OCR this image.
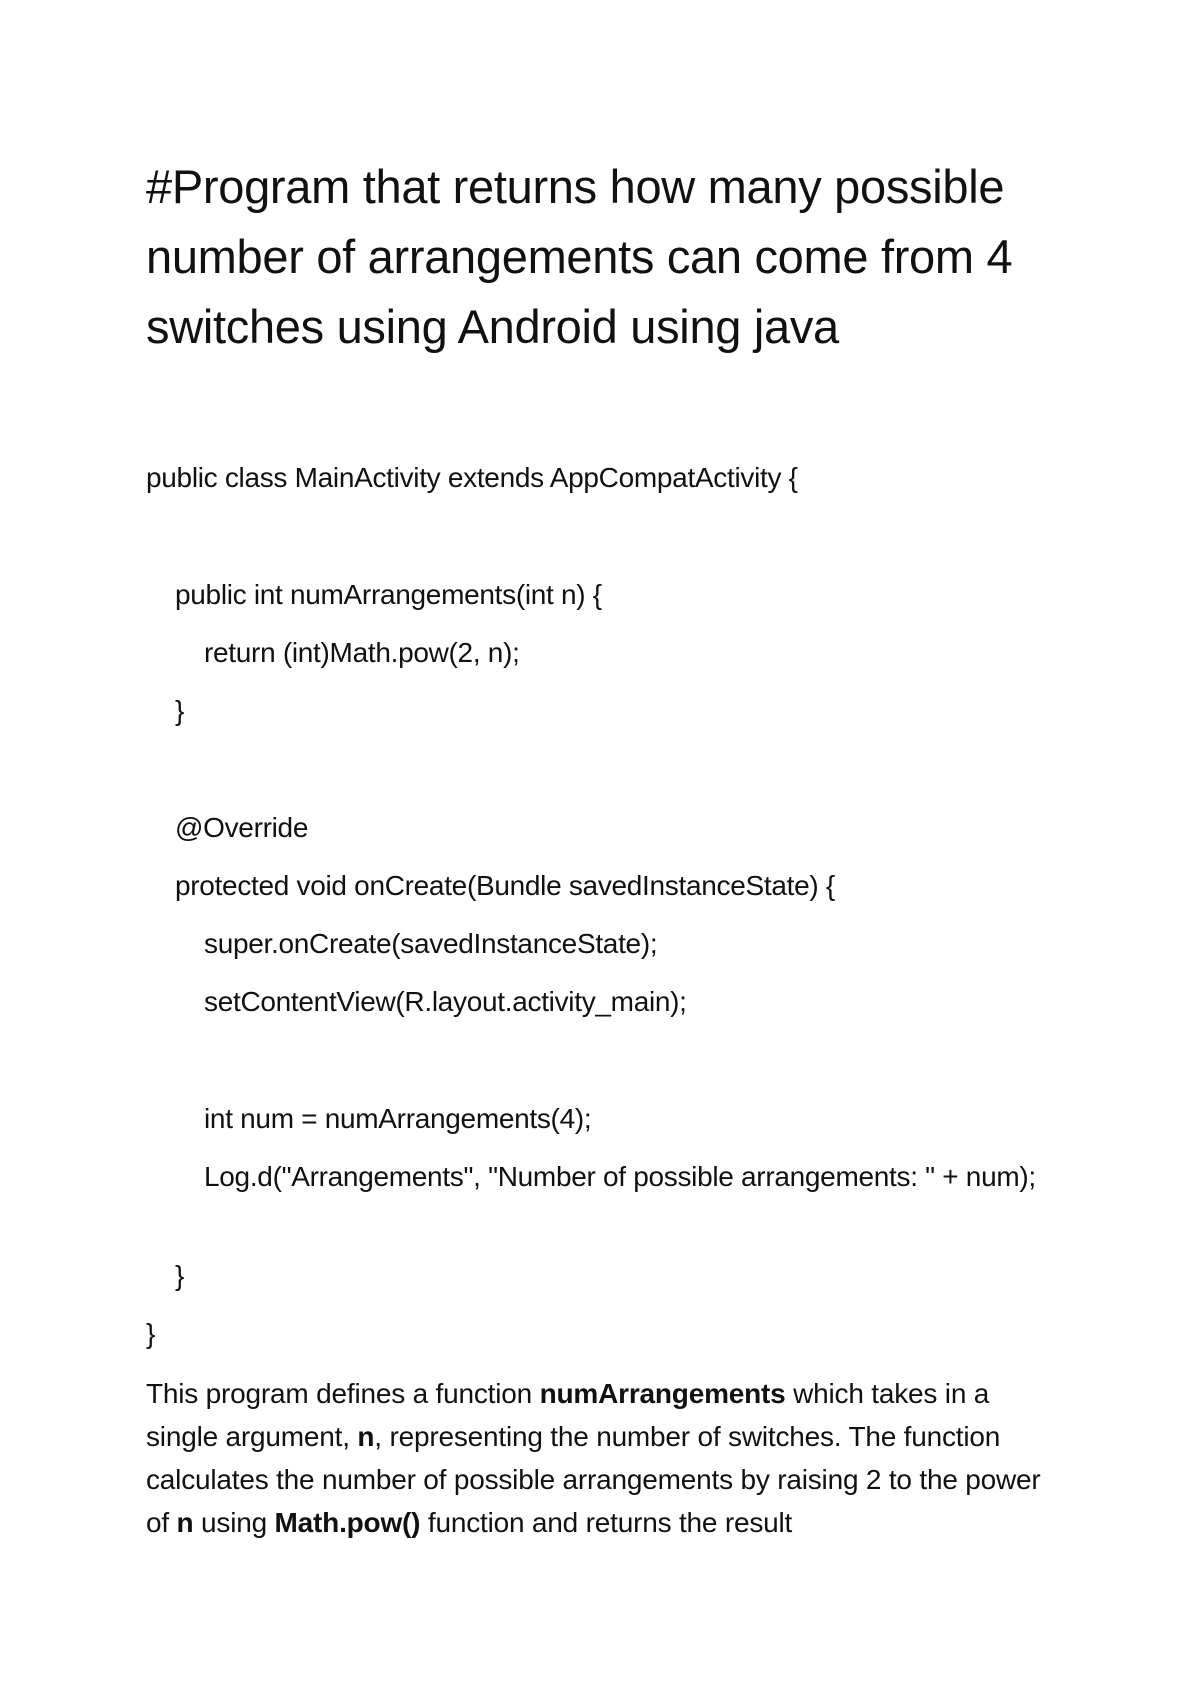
#Program that returns how many possible number of arrangements can come from 4 switches using Android using java

public class MainActivity extends AppCompatActivity {

public int numArrangements(int n) {

return (int)Math.pow(2, n);

}

@Override

protected void onCreate(Bundle savedInstanceState) {

super.onCreate(savedInstanceState);

setContentView(R.layout.activity_main);

int num = numArrangements(4);

Log.d("Arrangements", "Number of possible arrangements: " + num);

}

}

This program defines a function numArrangements which takes in a single argument, n, representing the number of switches. The function calculates the number of possible arrangements by raising 2 to the power of n using Math.pow() function and returns the result
